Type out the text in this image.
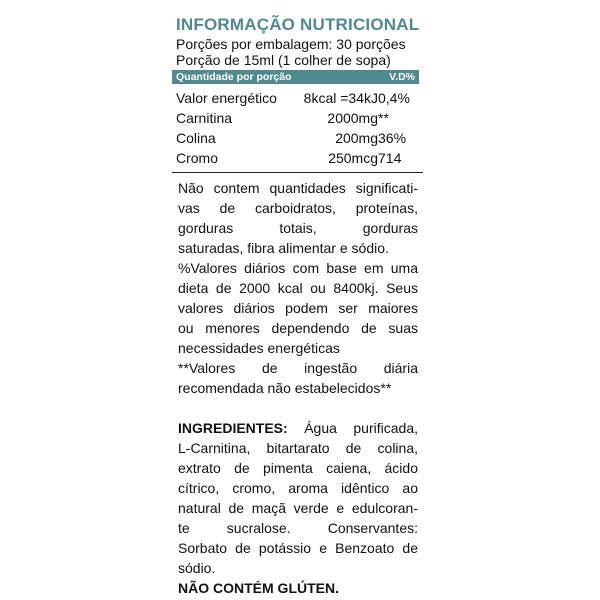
INFORMAÇÃO NUTRICIONAL
Porções por embalagem: 30 porções
Porção de 15ml (1 colher de sopa)
Quantidade por porção	V.D%
Valor energético	8kcal =34kJ	0,4%
Carnitina	2000mg	**
Colina	200mg	36%
Cromo	250mcg	714
Não contem quantidades significati-
vas de carboidratos, proteínas,
gorduras totais, gorduras
saturadas, fibra alimentar e sódio.
%Valores diários com base em uma
dieta de 2000 kcal ou 8400kj. Seus
valores diários podem ser maiores
ou menores dependendo de suas
necessidades energéticas
**Valores de ingestão diária
recomendada não estabelecidos**
INGREDIENTES: Água purificada,
L-Carnitina, bitartarato de colina,
extrato de pimenta caiena, ácido
cítrico, cromo, aroma idêntico ao
natural de maçã verde e edulcoran-
te sucralose. Conservantes:
Sorbato de potássio e Benzoato de
sódio.
NÃO CONTÉM GLÚTEN.
